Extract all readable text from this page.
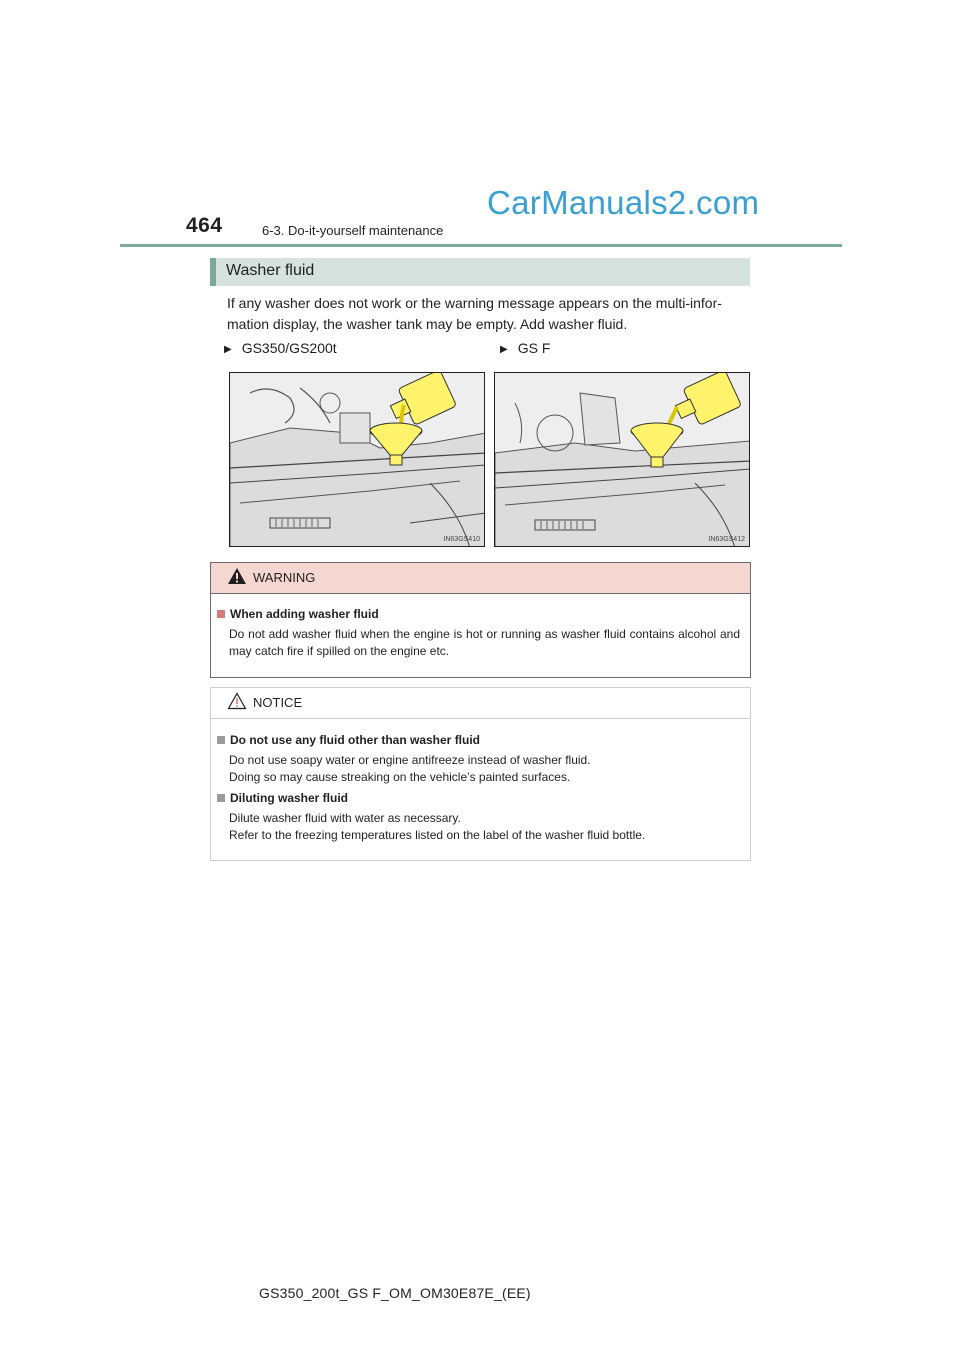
464	6-3. Do-it-yourself maintenance
CarManuals2.com
Washer fluid
If any washer does not work or the warning message appears on the multi-infor-
mation display, the washer tank may be empty. Add washer fluid.
▶ GS350/GS200t	▶ GS F
IN63GS410	IN63GS412
WARNING
When adding washer fluid
Do not add washer fluid when the engine is hot or running as washer fluid contains alcohol and may catch fire if spilled on the engine etc.
NOTICE
Do not use any fluid other than washer fluid
Do not use soapy water or engine antifreeze instead of washer fluid.
Doing so may cause streaking on the vehicle’s painted surfaces.
Diluting washer fluid
Dilute washer fluid with water as necessary.
Refer to the freezing temperatures listed on the label of the washer fluid bottle.
GS350_200t_GS F_OM_OM30E87E_(EE)
